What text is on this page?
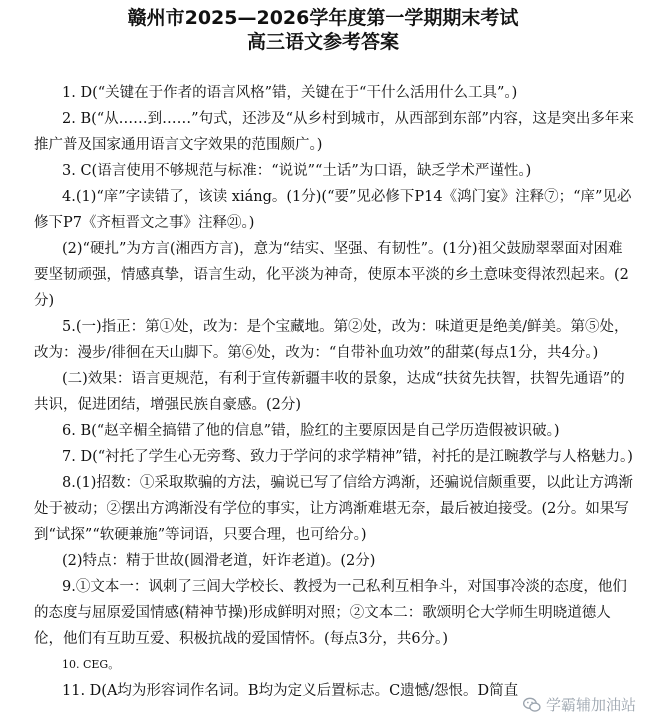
赣州市2025—2026学年度第一学期期末考试
高三语文参考答案
1. D(“关键在于作者的语言风格”错，关键在于“干什么活用什么工具”。)
2. B(“从……到……”句式，还涉及“从乡村到城市，从西部到东部”内容，这是突出多年来推广普及国家通用语言文字效果的范围颇广。)
3. C(语言使用不够规范与标准：“说说”“土话”为口语，缺乏学术严谨性。)
4.(1)“庠”字读错了，该读 xiáng。(1分)(“要”见必修下P14《鸿门宴》注释⑦；“庠”见必修下P7《齐桓晋文之事》注释㉑。)
(2)“硬扎”为方言(湘西方言)，意为“结实、坚强、有韧性”。(1分)祖父鼓励翠翠面对困难要坚韧顽强，情感真挚，语言生动，化平淡为神奇，使原本平淡的乡土意味变得浓烈起来。(2分)
5.(一)指正：第①处，改为：是个宝藏地。第②处，改为：味道更是绝美/鲜美。第⑤处，改为：漫步/徘徊在天山脚下。第⑥处，改为：“自带补血功效”的甜菜(每点1分，共4分。)
(二)效果：语言更规范，有利于宣传新疆丰收的景象，达成“扶贫先扶智，扶智先通语”的共识，促进团结，增强民族自豪感。(2分)
6. B(“赵辛楣全搞错了他的信息”错，脸红的主要原因是自己学历造假被识破。)
7. D(“衬托了学生心无旁骛、致力于学问的求学精神”错，衬托的是江畹教学与人格魅力。)
8.(1)招数：①采取欺骗的方法，骗说已写了信给方鸿渐，还骗说信颇重要，以此让方鸿渐处于被动；②摆出方鸿渐没有学位的事实，让方鸿渐难堪无奈，最后被迫接受。(2分。如果写到“试探”“软硬兼施”等词语，只要合理，也可给分。)
(2)特点：精于世故(圆滑老道，奸诈老道)。(2分)
9.①文本一：讽刺了三闾大学校长、教授为一己私利互相争斗，对国事冷淡的态度，他们的态度与屈原爱国情感(精神节操)形成鲜明对照；②文本二：歌颂明仑大学师生明晓道德人伦，他们有互助互爱、积极抗战的爱国情怀。(每点3分，共6分。)
10. CEG。
11. D(A均为形容词作名词。B均为定义后置标志。C遗憾/怨恨。D简直
学霸辅加油站
